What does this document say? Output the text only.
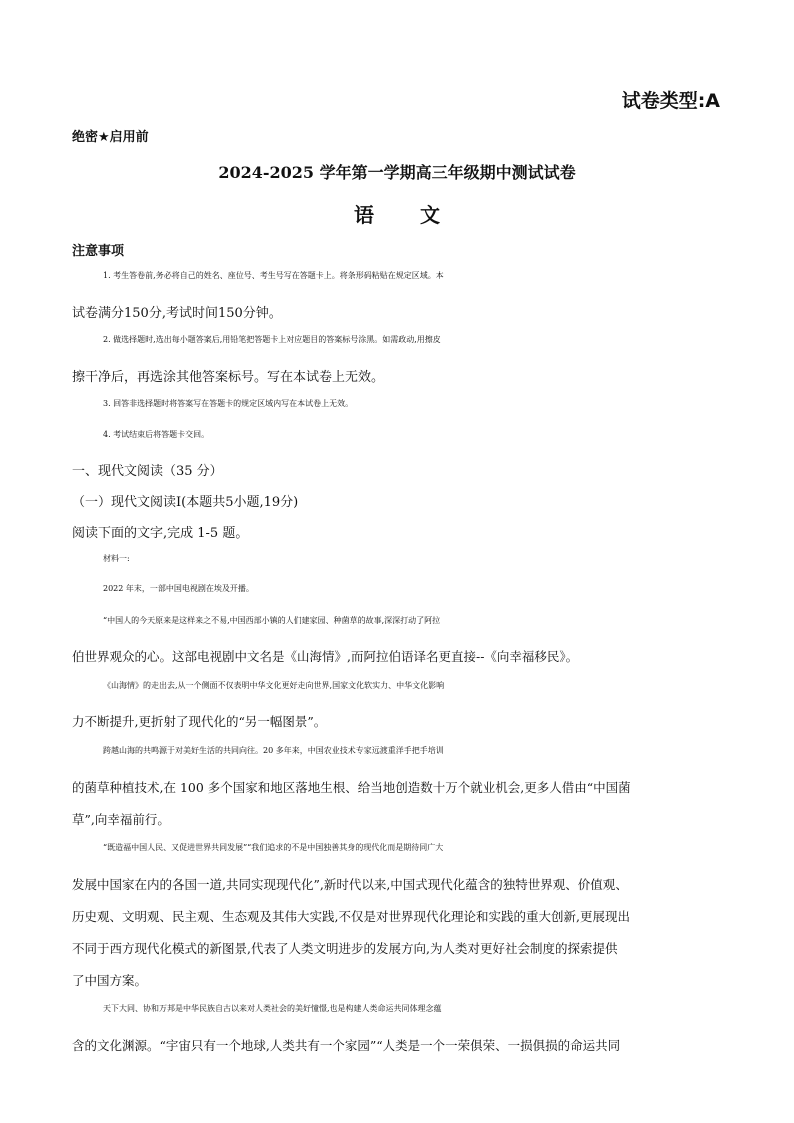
试卷类型:A
绝密★启用前
2024-2025 学年第一学期高三年级期中测试试卷
语文
注意事项
1. 考生答卷前,务必将自己的姓名、座位号、考生号写在答题卡上。将条形码粘贴在规定区域。本
试卷满分150分,考试时间150分钟。
2. 做选择题时,选出每小题答案后,用铅笔把答题卡上对应题目的答案标号涂黑。如需政动,用擦皮
擦干净后，再选涂其他答案标号。写在本试卷上无效。
3. 回答非选择题时将答案写在答题卡的规定区域内写在本试卷上无效。
4. 考试结束后将答题卡交回。
一、现代文阅读（35 分）
（一）现代文阅读Ⅰ(本题共5小题,19分)
阅读下面的文字,完成 1-5 题。
材料一:
2022 年末，一部中国电视剧在埃及开播。
“中国人的今天原来是这样来之不易,中国西部小镇的人们建家园、种菌草的故事,深深打动了阿拉
伯世界观众的心。这部电视剧中文名是《山海情》,而阿拉伯语译名更直接--《向幸福移民》。
《山海情》的走出去,从一个侧面不仅表明中华文化更好走向世界,国家文化软实力、中华文化影响
力不断提升,更折射了现代化的“另一幅图景”。
跨越山海的共鸣源于对美好生活的共同向往。20 多年来，中国农业技术专家远渡重洋手把手培训
的菌草种植技术,在 100 多个国家和地区落地生根、给当地创造数十万个就业机会,更多人借由“中国菌
草”,向幸福前行。
“既造福中国人民、又促进世界共同发展”“我们追求的不是中国独善其身的现代化而是期待同广大
发展中国家在内的各国一道,共同实现现代化”,新时代以来,中国式现代化蕴含的独特世界观、价值观、
历史观、文明观、民主观、生态观及其伟大实践,不仅是对世界现代化理论和实践的重大创新,更展现出
不同于西方现代化模式的新图景,代表了人类文明进步的发展方向,为人类对更好社会制度的探索提供
了中国方案。
天下大同、协和万邦是中华民族自古以来对人类社会的美好憧憬,也是构建人类命运共同体理念蕴
含的文化渊源。“宇宙只有一个地球,人类共有一个家园”“人类是一个一荣俱荣、一损俱损的命运共同
